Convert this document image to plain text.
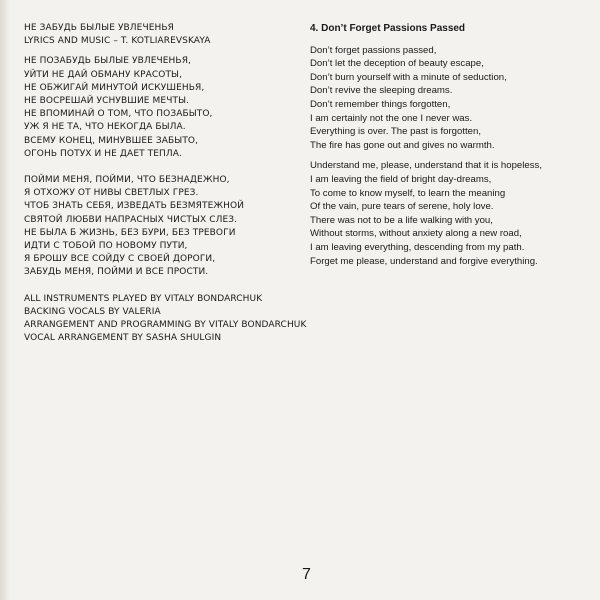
НЕ ЗАБУДЬ БЫЛЫЕ УВЛЕЧЕНЬЯ
LYRICS AND MUSIC – T. KOTLIAREVSKAYA
НЕ ПОЗАБУДЬ БЫЛЫЕ УВЛЕЧЕНЬЯ,
УЙТИ НЕ ДАЙ ОБМАНУ КРАСОТЫ,
НЕ ОБЖИГАЙ МИНУТОЙ ИСКУШЕНЬЯ,
НЕ ВОСРЕШАЙ УСНУВШИЕ МЕЧТЫ.
НЕ ВПОМИНАЙ О ТОМ, ЧТО ПОЗАБЫТО,
УЖ Я НЕ ТА, ЧТО НЕКОГДА БЫЛА.
ВСЕМУ КОНЕЦ, МИНУВШЕЕ ЗАБЫТО,
ОГОНЬ ПОТУХ И НЕ ДАЕТ ТЕПЛА.
ПОЙМИ МЕНЯ, ПОЙМИ, ЧТО БЕЗНАДЕЖНО,
Я ОТХОЖУ ОТ НИВЫ СВЕТЛЫХ ГРЕЗ.
ЧТОБ ЗНАТЬ СЕБЯ, ИЗВЕДАТЬ БЕЗМЯТЕЖНОЙ
СВЯТОЙ ЛЮБВИ НАПРАСНЫХ ЧИСТЫХ СЛЕЗ.
НЕ БЫЛА Б ЖИЗНЬ, БЕЗ БУРИ, БЕЗ ТРЕВОГИ
ИДТИ С ТОБОЙ ПО НОВОМУ ПУТИ,
Я БРОШУ ВСЕ СОЙДУ С СВОЕЙ ДОРОГИ,
ЗАБУДЬ МЕНЯ, ПОЙМИ И ВСЕ ПРОСТИ.
ALL INSTRUMENTS PLAYED BY VITALY BONDARCHUK
BACKING VOCALS BY VALERIA
ARRANGEMENT AND PROGRAMMING BY VITALY BONDARCHUK
VOCAL ARRANGEMENT BY SASHA SHULGIN
4. Don’t Forget Passions Passed
Don’t forget passions passed,
Don’t let the deception of beauty escape,
Don’t burn yourself with a minute of seduction,
Don’t revive the sleeping dreams.
Don’t remember things forgotten,
I am certainly not the one I never was.
Everything is over. The past is forgotten,
The fire has gone out and gives no warmth.
Understand me, please, understand that it is hopeless,
I am leaving the field of bright day-dreams,
To come to know myself, to learn the meaning
Of the vain, pure tears of serene, holy love.
There was not to be a life walking with you,
Without storms, without anxiety along a new road,
I am leaving everything, descending from my path.
Forget me please, understand and forgive everything.
7
